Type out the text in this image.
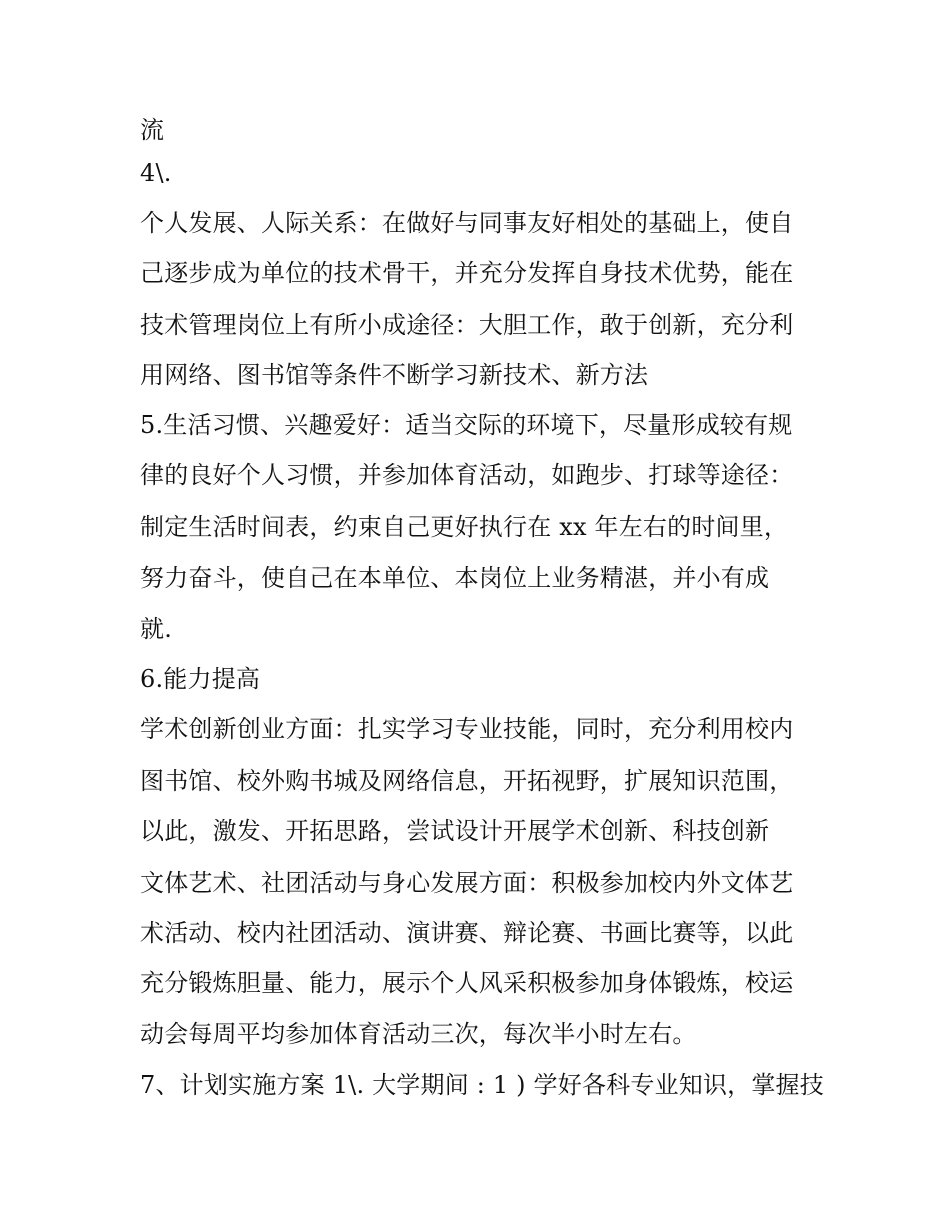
流
4\.
个人发展、人际关系：在做好与同事友好相处的基础上，使自
己逐步成为单位的技术骨干，并充分发挥自身技术优势，能在
技术管理岗位上有所小成途径：大胆工作，敢于创新，充分利
用网络、图书馆等条件不断学习新技术、新方法
5.生活习惯、兴趣爱好：适当交际的环境下，尽量形成较有规
律的良好个人习惯，并参加体育活动，如跑步、打球等途径：
制定生活时间表，约束自己更好执行在 xx 年左右的时间里，
努力奋斗，使自己在本单位、本岗位上业务精湛，并小有成
就.
6.能力提高
学术创新创业方面：扎实学习专业技能，同时，充分利用校内
图书馆、校外购书城及网络信息，开拓视野，扩展知识范围，
以此，激发、开拓思路，尝试设计开展学术创新、科技创新
文体艺术、社团活动与身心发展方面：积极参加校内外文体艺
术活动、校内社团活动、演讲赛、辩论赛、书画比赛等，以此
充分锻炼胆量、能力，展示个人风采积极参加身体锻炼，校运
动会每周平均参加体育活动三次，每次半小时左右。
7、计划实施方案 1\. 大学期间 : 1 ) 学好各科专业知识，掌握技
